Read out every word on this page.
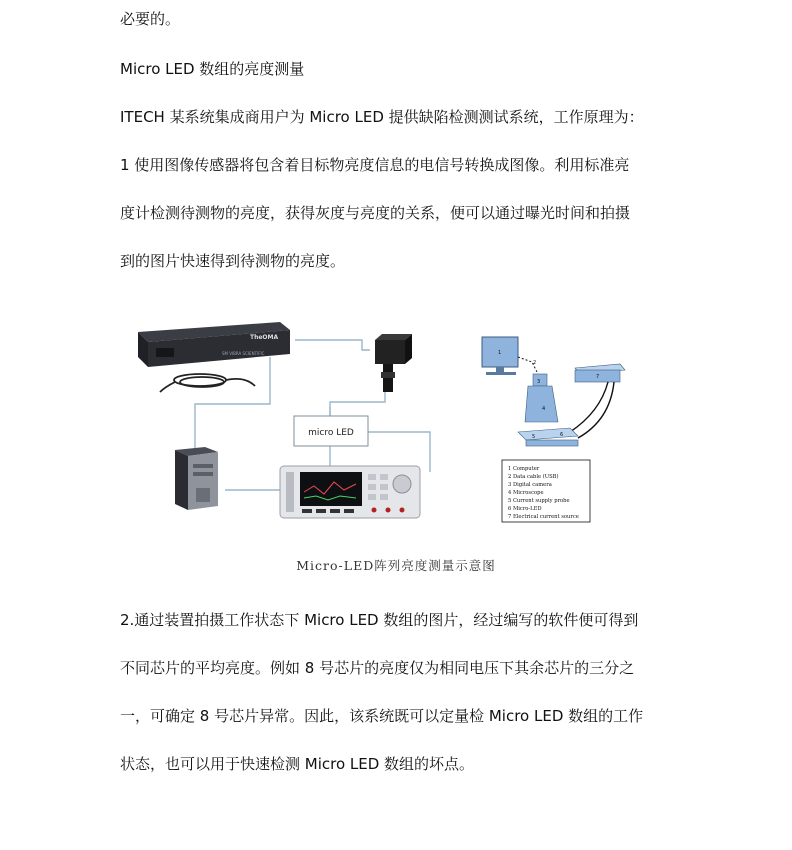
必要的。

Micro LED 数组的亮度测量

ITECH 某系统集成商用户为 Micro LED 提供缺陷检测测试系统，工作原理为：

1 使用图像传感器将包含着目标物亮度信息的电信号转换成图像。利用标准亮

度计检测待测物的亮度，获得灰度与亮度的关系，便可以通过曝光时间和拍摄

到的图片快速得到待测物的亮度。

TheOMA
SM VIBRA SCIENTIFIC
micro LED
1
2
7
3
4
5	6
1 Computer
2 Data cable (USB)
3 Digital camera
4 Microscope
5 Current supply probe
6 Micro-LED
7 Electrical current source
Micro-LED阵列亮度测量示意图

2.通过装置拍摄工作状态下 Micro LED 数组的图片，经过编写的软件便可得到

不同芯片的平均亮度。例如 8 号芯片的亮度仅为相同电压下其余芯片的三分之

一，可确定 8 号芯片异常。因此，该系统既可以定量检 Micro LED 数组的工作

状态，也可以用于快速检测 Micro LED 数组的坏点。
